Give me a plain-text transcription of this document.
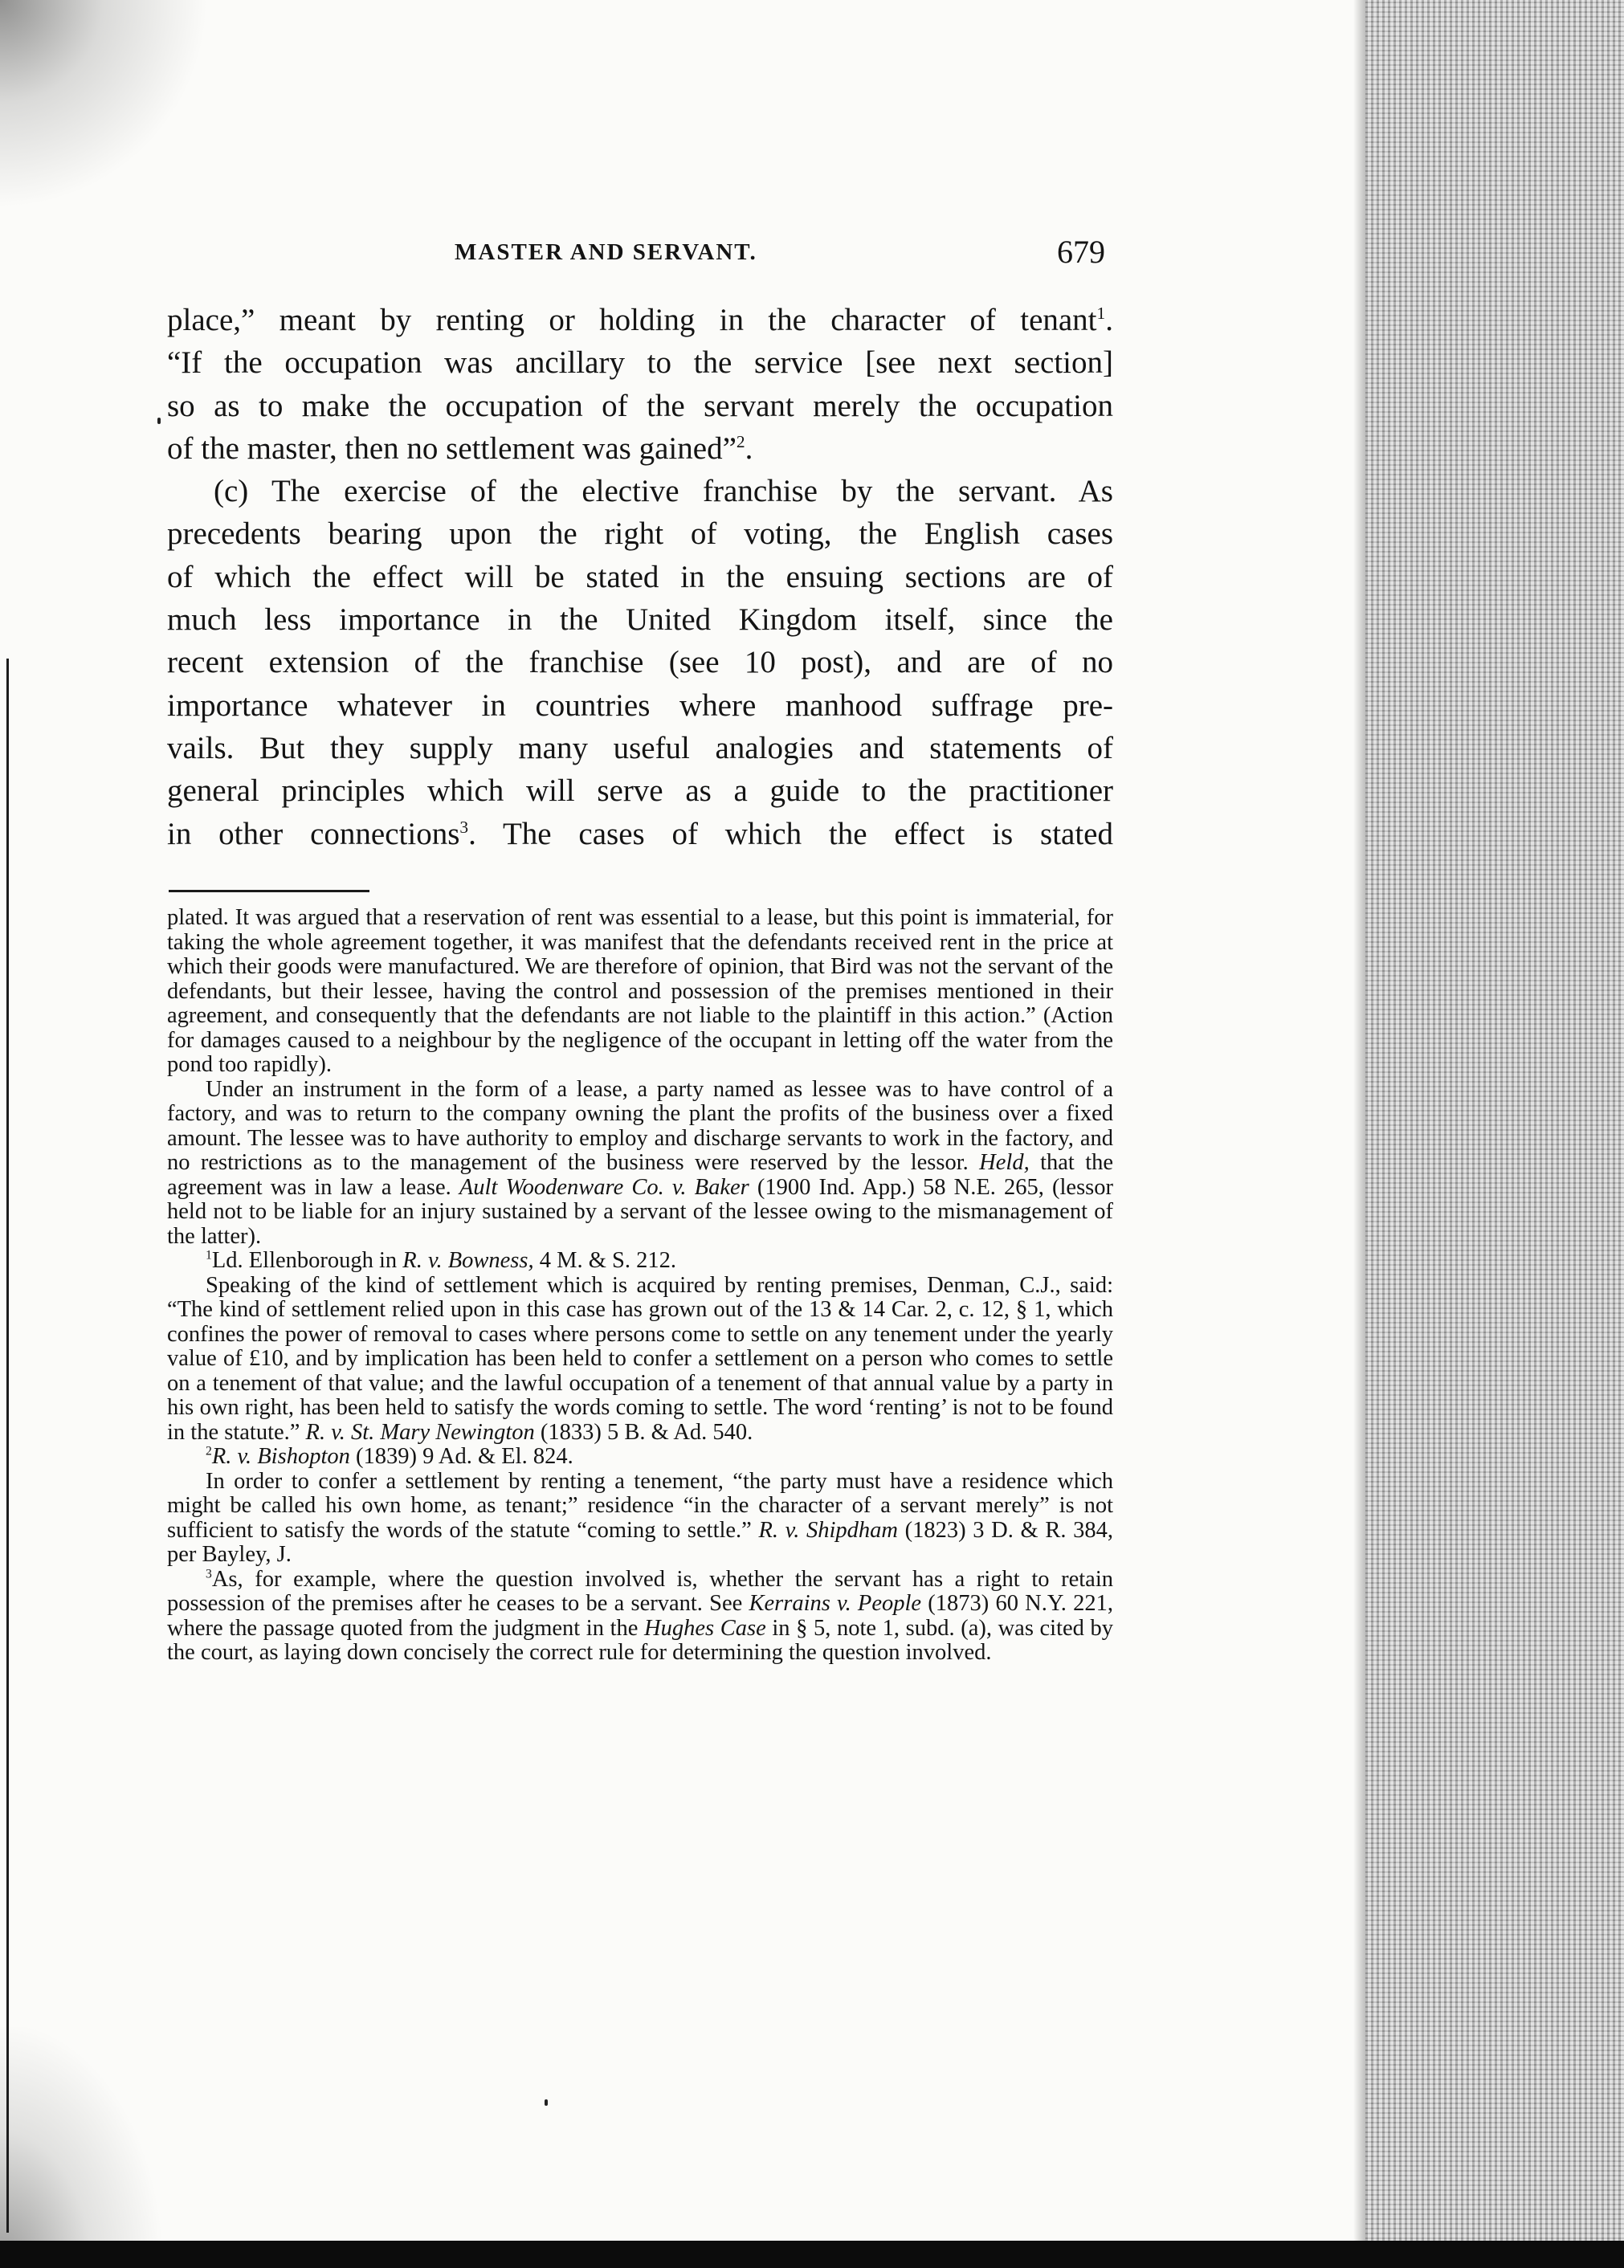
MASTER AND SERVANT.	679

place,” meant by renting or holding in the character of tenant$^1$.
“If the occupation was ancillary to the service [see next section]
so as to make the occupation of the servant merely the occupation
of the master, then no settlement was gained”$^2$.

(c) The exercise of the elective franchise by the servant. As
precedents bearing upon the right of voting, the English cases
of which the effect will be stated in the ensuing sections are of
much less importance in the United Kingdom itself, since the
recent extension of the franchise (see 10 post), and are of no
importance whatever in countries where manhood suffrage pre-
vails. But they supply many useful analogies and statements of
general principles which will serve as a guide to the practitioner
in other connections$^3$. The cases of which the effect is stated

plated. It was argued that a reservation of rent was essential to a lease, but this point is immaterial, for taking the whole agreement together, it was manifest that the defendants received rent in the price at which their goods were manufactured. We are therefore of opinion, that Bird was not the servant of the defendants, but their lessee, having the control and possession of the premises mentioned in their agreement, and consequently that the defendants are not liable to the plaintiff in this action.” (Action for damages caused to a neighbour by the negligence of the occupant in letting off the water from the pond too rapidly).

Under an instrument in the form of a lease, a party named as lessee was to have control of a factory, and was to return to the company owning the plant the profits of the business over a fixed amount. The lessee was to have authority to employ and discharge servants to work in the factory, and no restrictions as to the management of the business were reserved by the lessor. Held, that the agreement was in law a lease. Ault Woodenware Co. v. Baker (1900 Ind. App.) 58 N.E. 265, (lessor held not to be liable for an injury sustained by a servant of the lessee owing to the mismanagement of the latter).

$^1$Ld. Ellenborough in R. v. Bowness, 4 M. & S. 212.

Speaking of the kind of settlement which is acquired by renting premises, Denman, C.J., said: “The kind of settlement relied upon in this case has grown out of the 13 & 14 Car. 2, c. 12, § 1, which confines the power of removal to cases where persons come to settle on any tenement under the yearly value of £10, and by implication has been held to confer a settlement on a person who comes to settle on a tenement of that value; and the lawful occupation of a tenement of that annual value by a party in his own right, has been held to satisfy the words coming to settle. The word ‘renting’ is not to be found in the statute.” R. v. St. Mary Newington (1833) 5 B. & Ad. 540.

$^2$R. v. Bishopton (1839) 9 Ad. & El. 824.

In order to confer a settlement by renting a tenement, “the party must have a residence which might be called his own home, as tenant;” residence “in the character of a servant merely” is not sufficient to satisfy the words of the statute “coming to settle.” R. v. Shipdham (1823) 3 D. & R. 384, per Bayley, J.

$^3$As, for example, where the question involved is, whether the servant has a right to retain possession of the premises after he ceases to be a servant. See Kerrains v. People (1873) 60 N.Y. 221, where the passage quoted from the judgment in the Hughes Case in § 5, note 1, subd. (a), was cited by the court, as laying down concisely the correct rule for determining the question involved.
